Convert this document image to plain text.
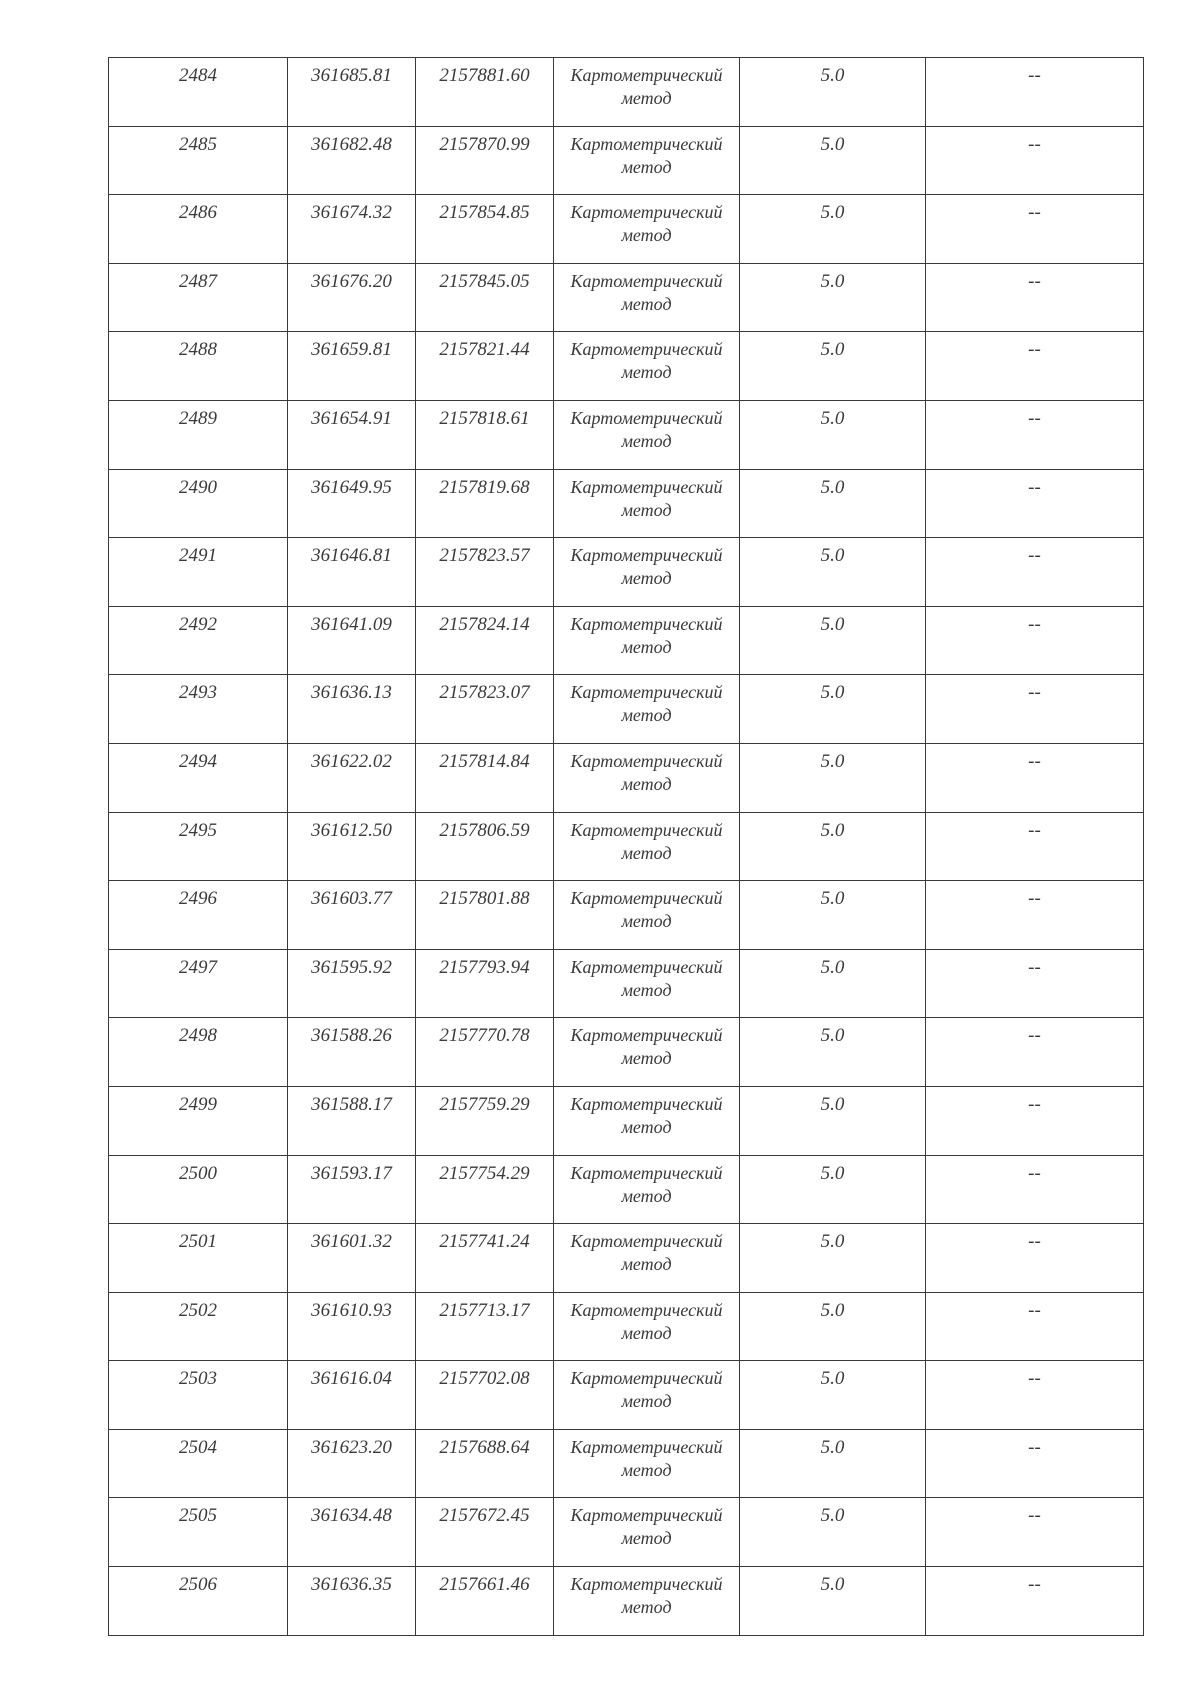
2484	361685.81	2157881.60	Картометрический
метод	5.0	--
2485	361682.48	2157870.99	Картометрический
метод	5.0	--
2486	361674.32	2157854.85	Картометрический
метод	5.0	--
2487	361676.20	2157845.05	Картометрический
метод	5.0	--
2488	361659.81	2157821.44	Картометрический
метод	5.0	--
2489	361654.91	2157818.61	Картометрический
метод	5.0	--
2490	361649.95	2157819.68	Картометрический
метод	5.0	--
2491	361646.81	2157823.57	Картометрический
метод	5.0	--
2492	361641.09	2157824.14	Картометрический
метод	5.0	--
2493	361636.13	2157823.07	Картометрический
метод	5.0	--
2494	361622.02	2157814.84	Картометрический
метод	5.0	--
2495	361612.50	2157806.59	Картометрический
метод	5.0	--
2496	361603.77	2157801.88	Картометрический
метод	5.0	--
2497	361595.92	2157793.94	Картометрический
метод	5.0	--
2498	361588.26	2157770.78	Картометрический
метод	5.0	--
2499	361588.17	2157759.29	Картометрический
метод	5.0	--
2500	361593.17	2157754.29	Картометрический
метод	5.0	--
2501	361601.32	2157741.24	Картометрический
метод	5.0	--
2502	361610.93	2157713.17	Картометрический
метод	5.0	--
2503	361616.04	2157702.08	Картометрический
метод	5.0	--
2504	361623.20	2157688.64	Картометрический
метод	5.0	--
2505	361634.48	2157672.45	Картометрический
метод	5.0	--
2506	361636.35	2157661.46	Картометрический
метод	5.0	--
